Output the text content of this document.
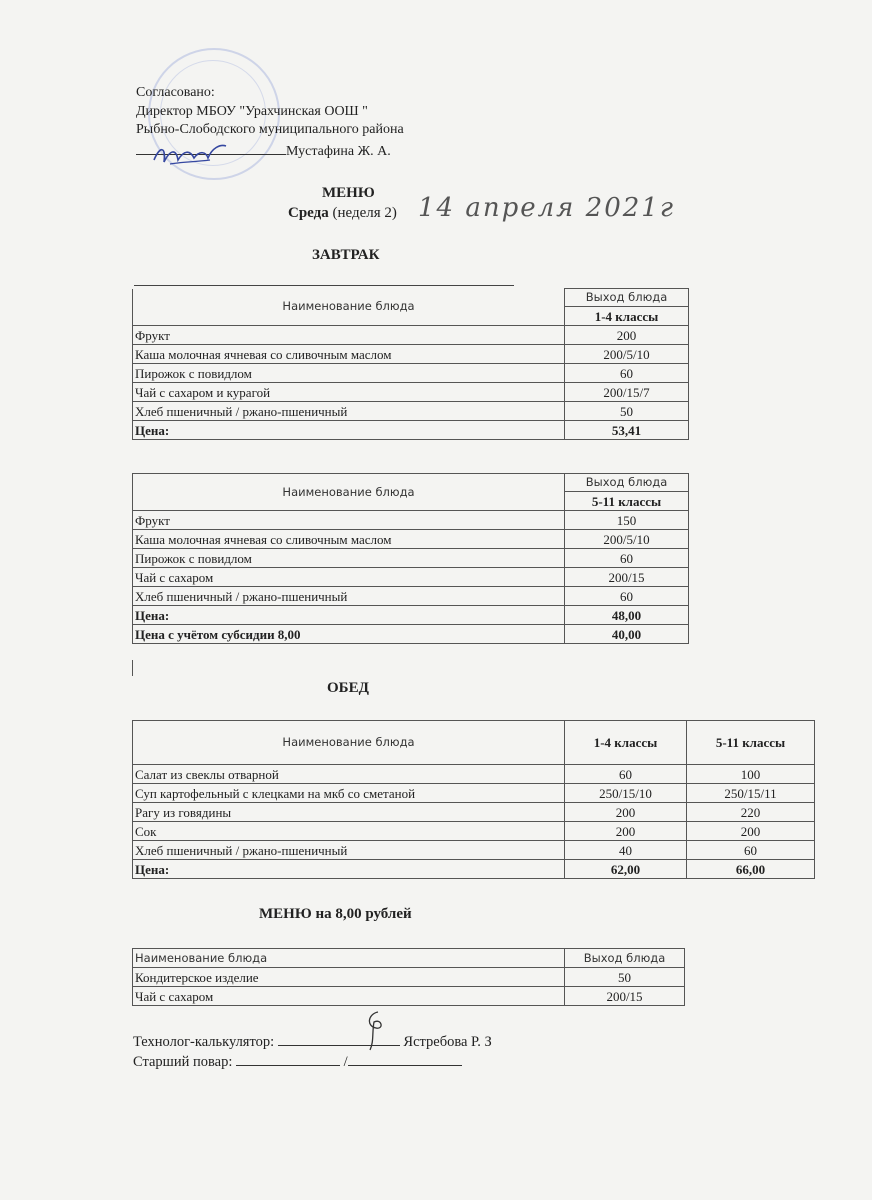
Согласовано:
Директор МБОУ "Урахчинская ООШ "
Рыбно-Слободского муниципального района
Мустафина Ж. А.
МЕНЮ
Среда (неделя 2) 14 апреля 2021г
ЗАВТРАК
Наименование блюда	Выход блюда
	1-4 классы
Фрукт	200
Каша молочная ячневая со сливочным маслом	200/5/10
Пирожок с повидлом	60
Чай с сахаром и курагой	200/15/7
Хлеб пшеничный / ржано-пшеничный	50
Цена:	53,41
Наименование блюда	Выход блюда
	5-11 классы
Фрукт	150
Каша молочная ячневая со сливочным маслом	200/5/10
Пирожок с повидлом	60
Чай с сахаром	200/15
Хлеб пшеничный / ржано-пшеничный	60
Цена:	48,00
Цена с учётом субсидии 8,00	40,00
ОБЕД
Наименование блюда	1-4 классы	5-11 классы
Салат из свеклы отварной	60	100
Суп картофельный с клецками на мкб со сметаной	250/15/10	250/15/11
Рагу из говядины	200	220
Сок	200	200
Хлеб пшеничный / ржано-пшеничный	40	60
Цена:	62,00	66,00
МЕНЮ на 8,00 рублей
Наименование блюда	Выход блюда
Кондитерское изделие	50
Чай с сахаром	200/15
Технолог-калькулятор:	Ястребова Р. З
Старший повар:	/
